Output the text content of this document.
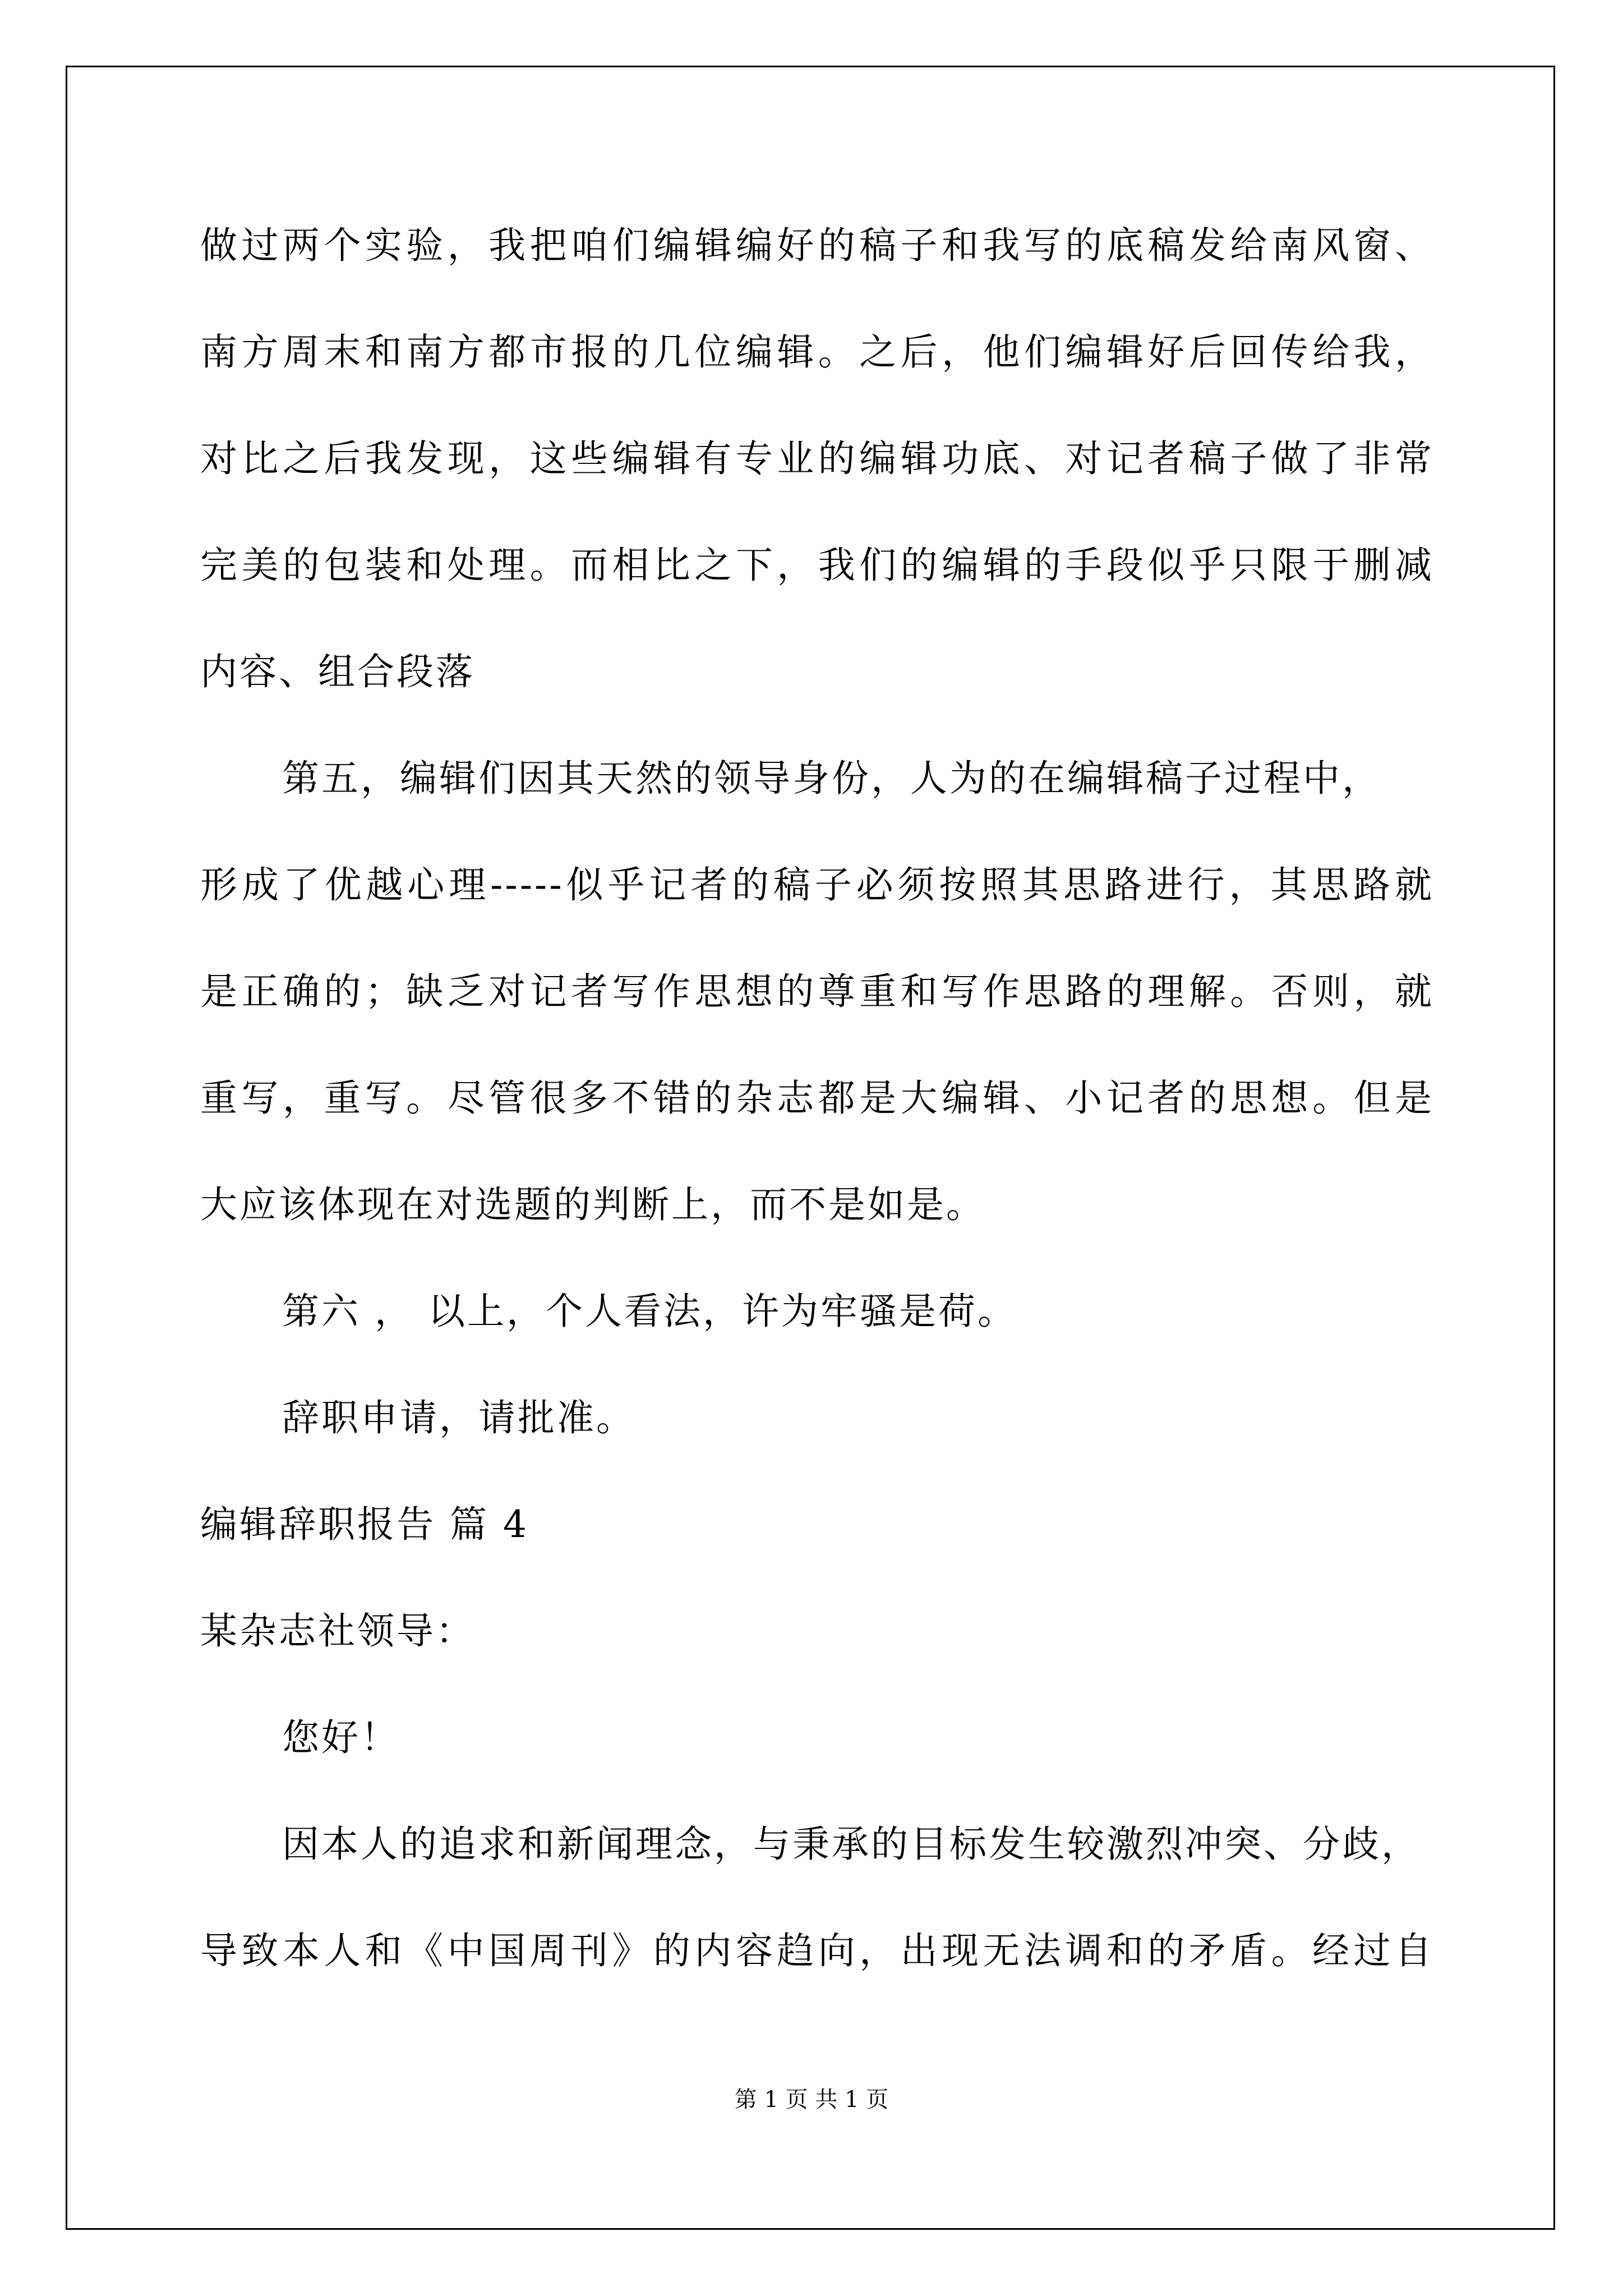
做过两个实验，我把咱们编辑编好的稿子和我写的底稿发给南风窗、
南方周末和南方都市报的几位编辑。之后，他们编辑好后回传给我，
对比之后我发现，这些编辑有专业的编辑功底、对记者稿子做了非常
完美的包装和处理。而相比之下，我们的编辑的手段似乎只限于删减
内容、组合段落
第五，编辑们因其天然的领导身份，人为的在编辑稿子过程中，
形成了优越心理-----似乎记者的稿子必须按照其思路进行，其思路就
是正确的；缺乏对记者写作思想的尊重和写作思路的理解。否则，就
重写，重写。尽管很多不错的杂志都是大编辑、小记者的思想。但是
大应该体现在对选题的判断上，而不是如是。
第六 ， 以上，个人看法，许为牢骚是荷。
辞职申请，请批准。
编辑辞职报告 篇 4
某杂志社领导：
您好！
因本人的追求和新闻理念，与秉承的目标发生较激烈冲突、分歧，
导致本人和《中国周刊》的内容趋向，出现无法调和的矛盾。经过自
第 1 页 共 1 页
